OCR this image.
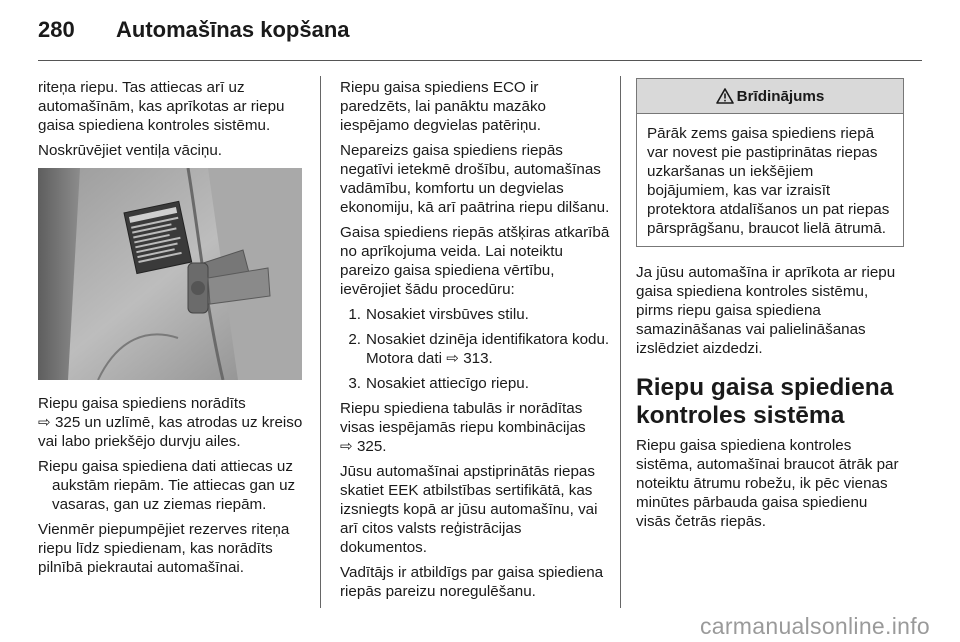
280	Automašīnas kopšana

riteņa riepu. Tas attiecas arī uz automašīnām, kas aprīkotas ar riepu gaisa spiediena kontroles sistēmu.

Noskrūvējiet ventiļa vāciņu.

Riepu gaisa spiediens norādīts
⇨ 325 un uzlīmē, kas atrodas uz kreiso vai labo priekšējo durvju ailes.

Riepu gaisa spiediena dati attiecas uz aukstām riepām. Tie attiecas gan uz vasaras, gan uz ziemas riepām.

Vienmēr piepumpējiet rezerves riteņa riepu līdz spiedienam, kas norādīts pilnībā piekrautai automašīnai.

Riepu gaisa spiediens ECO ir paredzēts, lai panāktu mazāko iespējamo degvielas patēriņu.

Nepareizs gaisa spiediens riepās negatīvi ietekmē drošību, automašīnas vadāmību, komfortu un degvielas ekonomiju, kā arī paātrina riepu dilšanu.

Gaisa spiediens riepās atšķiras atkarībā no aprīkojuma veida. Lai noteiktu pareizo gaisa spiediena vērtību, ievērojiet šādu procedūru:

1. Nosakiet virsbūves stilu.
2. Nosakiet dzinēja identifikatora kodu. Motora dati ⇨ 313.
3. Nosakiet attiecīgo riepu.

Riepu spiediena tabulās ir norādītas visas iespējamās riepu kombinācijas
⇨ 325.

Jūsu automašīnai apstiprinātās riepas skatiet EEK atbilstības sertifikātā, kas izsniegts kopā ar jūsu automašīnu, vai arī citos valsts reģistrācijas dokumentos.

Vadītājs ir atbildīgs par gaisa spiediena riepās pareizu noregulēšanu.

Brīdinājums
Pārāk zems gaisa spiediens riepā var novest pie pastiprinātas riepas uzkaršanas un iekšējiem bojājumiem, kas var izraisīt protektora atdalīšanos un pat riepas pārsprāgšanu, braucot lielā ātrumā.

Ja jūsu automašīna ir aprīkota ar riepu gaisa spiediena kontroles sistēmu, pirms riepu gaisa spiediena samazināšanas vai palielināšanas izslēdziet aizdedzi.

Riepu gaisa spiediena kontroles sistēma

Riepu gaisa spiediena kontroles sistēma, automašīnai braucot ātrāk par noteiktu ātrumu robežu, ik pēc vienas minūtes pārbauda gaisa spiedienu visās četrās riepās.

carmanualsonline.info
